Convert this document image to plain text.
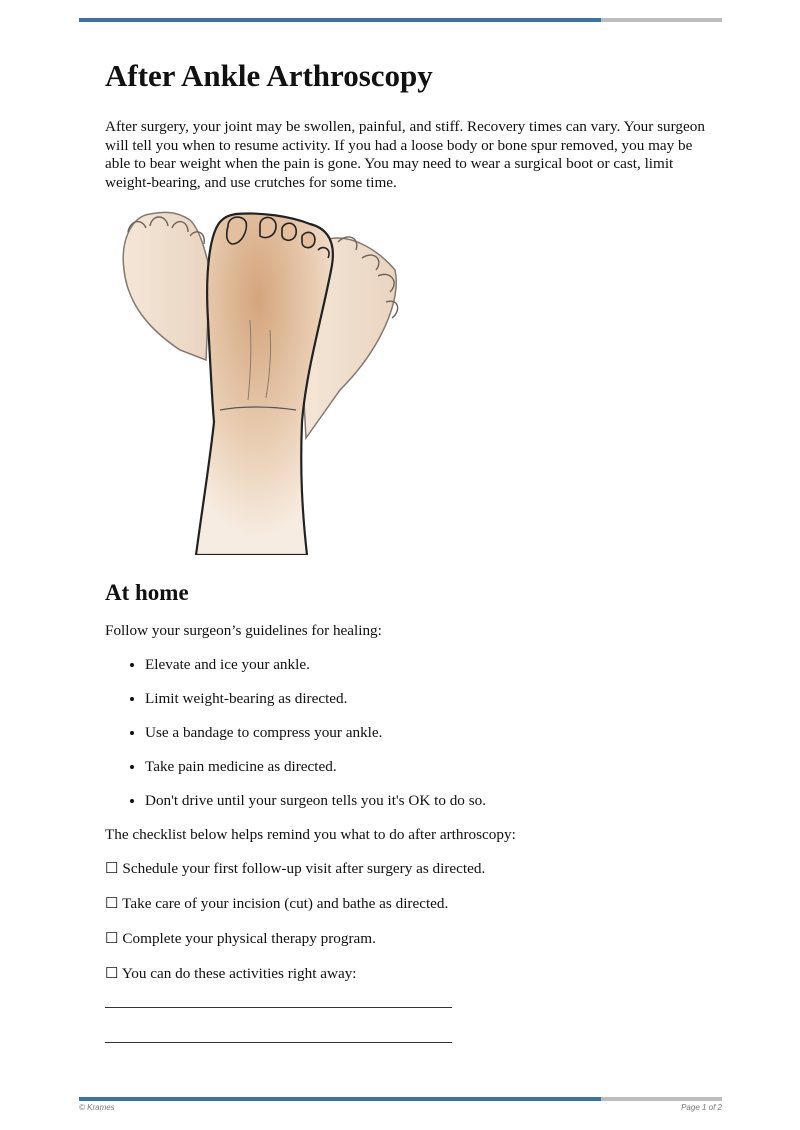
After Ankle Arthroscopy

After surgery, your joint may be swollen, painful, and stiff. Recovery times can vary. Your surgeon will tell you when to resume activity. If you had a loose body or bone spur removed, you may be able to bear weight when the pain is gone. You may need to wear a surgical boot or cast, limit weight-bearing, and use crutches for some time.

At home

Follow your surgeon’s guidelines for healing:

• Elevate and ice your ankle.
• Limit weight-bearing as directed.
• Use a bandage to compress your ankle.
• Take pain medicine as directed.
• Don't drive until your surgeon tells you it's OK to do so.

The checklist below helps remind you what to do after arthroscopy:

☐ Schedule your first follow-up visit after surgery as directed.
☐ Take care of your incision (cut) and bathe as directed.
☐ Complete your physical therapy program.
☐ You can do these activities right away:
© Krames	Page 1 of 2
